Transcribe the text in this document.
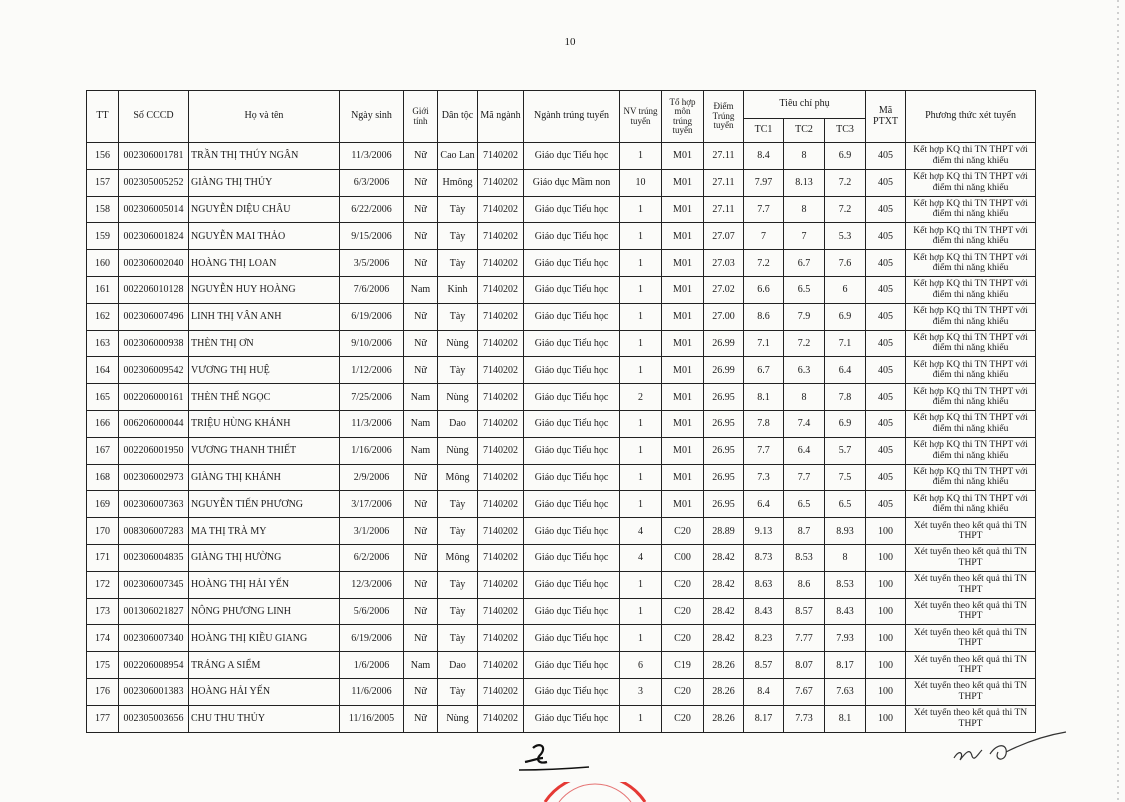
10
TT	Số CCCD	Họ và tên	Ngày sinh	Giới tính	Dân tộc	Mã ngành	Ngành trúng tuyển	NV trúng tuyển	Tổ hợp môn trúng tuyển	Điểm Trúng tuyển	Tiêu chí phụ			Mã PTXT	Phương thức xét tuyển
											TC1	TC2	TC3		
156	002306001781	TRẦN THỊ THÚY NGÂN	11/3/2006	Nữ	Cao Lan	7140202	Giáo dục Tiểu học	1	M01	27.11	8.4	8	6.9	405	Kết hợp KQ thi TN THPT với điểm thi năng khiếu
157	002305005252	GIÀNG THỊ THỦY	6/3/2006	Nữ	Hmông	7140202	Giáo dục Mầm non	10	M01	27.11	7.97	8.13	7.2	405	Kết hợp KQ thi TN THPT với điểm thi năng khiếu
158	002306005014	NGUYỄN DIỆU CHÂU	6/22/2006	Nữ	Tày	7140202	Giáo dục Tiểu học	1	M01	27.11	7.7	8	7.2	405	Kết hợp KQ thi TN THPT với điểm thi năng khiếu
159	002306001824	NGUYỄN MAI THẢO	9/15/2006	Nữ	Tày	7140202	Giáo dục Tiểu học	1	M01	27.07	7	7	5.3	405	Kết hợp KQ thi TN THPT với điểm thi năng khiếu
160	002306002040	HOÀNG THỊ LOAN	3/5/2006	Nữ	Tày	7140202	Giáo dục Tiểu học	1	M01	27.03	7.2	6.7	7.6	405	Kết hợp KQ thi TN THPT với điểm thi năng khiếu
161	002206010128	NGUYỄN HUY HOÀNG	7/6/2006	Nam	Kinh	7140202	Giáo dục Tiểu học	1	M01	27.02	6.6	6.5	6	405	Kết hợp KQ thi TN THPT với điểm thi năng khiếu
162	002306007496	LINH THỊ VÂN ANH	6/19/2006	Nữ	Tày	7140202	Giáo dục Tiểu học	1	M01	27.00	8.6	7.9	6.9	405	Kết hợp KQ thi TN THPT với điểm thi năng khiếu
163	002306000938	THÈN THỊ ƠN	9/10/2006	Nữ	Nùng	7140202	Giáo dục Tiểu học	1	M01	26.99	7.1	7.2	7.1	405	Kết hợp KQ thi TN THPT với điểm thi năng khiếu
164	002306009542	VƯƠNG THỊ HUỆ	1/12/2006	Nữ	Tày	7140202	Giáo dục Tiểu học	1	M01	26.99	6.7	6.3	6.4	405	Kết hợp KQ thi TN THPT với điểm thi năng khiếu
165	002206000161	THÈN THẾ NGỌC	7/25/2006	Nam	Nùng	7140202	Giáo dục Tiểu học	2	M01	26.95	8.1	8	7.8	405	Kết hợp KQ thi TN THPT với điểm thi năng khiếu
166	006206000044	TRIỆU HÙNG KHÁNH	11/3/2006	Nam	Dao	7140202	Giáo dục Tiểu học	1	M01	26.95	7.8	7.4	6.9	405	Kết hợp KQ thi TN THPT với điểm thi năng khiếu
167	002206001950	VƯƠNG THANH THIẾT	1/16/2006	Nam	Nùng	7140202	Giáo dục Tiểu học	1	M01	26.95	7.7	6.4	5.7	405	Kết hợp KQ thi TN THPT với điểm thi năng khiếu
168	002306002973	GIÀNG THỊ KHÁNH	2/9/2006	Nữ	Mông	7140202	Giáo dục Tiểu học	1	M01	26.95	7.3	7.7	7.5	405	Kết hợp KQ thi TN THPT với điểm thi năng khiếu
169	002306007363	NGUYỄN TIẾN PHƯƠNG	3/17/2006	Nữ	Tày	7140202	Giáo dục Tiểu học	1	M01	26.95	6.4	6.5	6.5	405	Kết hợp KQ thi TN THPT với điểm thi năng khiếu
170	008306007283	MA THỊ TRÀ MY	3/1/2006	Nữ	Tày	7140202	Giáo dục Tiểu học	4	C20	28.89	9.13	8.7	8.93	100	Xét tuyển theo kết quả thi TN THPT
171	002306004835	GIÀNG THỊ HƯỜNG	6/2/2006	Nữ	Mông	7140202	Giáo dục Tiểu học	4	C00	28.42	8.73	8.53	8	100	Xét tuyển theo kết quả thi TN THPT
172	002306007345	HOÀNG THỊ HẢI YẾN	12/3/2006	Nữ	Tày	7140202	Giáo dục Tiểu học	1	C20	28.42	8.63	8.6	8.53	100	Xét tuyển theo kết quả thi TN THPT
173	001306021827	NÔNG PHƯƠNG LINH	5/6/2006	Nữ	Tày	7140202	Giáo dục Tiểu học	1	C20	28.42	8.43	8.57	8.43	100	Xét tuyển theo kết quả thi TN THPT
174	002306007340	HOÀNG THỊ KIỀU GIANG	6/19/2006	Nữ	Tày	7140202	Giáo dục Tiểu học	1	C20	28.42	8.23	7.77	7.93	100	Xét tuyển theo kết quả thi TN THPT
175	002206008954	TRÁNG A SIỂM	1/6/2006	Nam	Dao	7140202	Giáo dục Tiểu học	6	C19	28.26	8.57	8.07	8.17	100	Xét tuyển theo kết quả thi TN THPT
176	002306001383	HOÀNG HẢI YẾN	11/6/2006	Nữ	Tày	7140202	Giáo dục Tiểu học	3	C20	28.26	8.4	7.67	7.63	100	Xét tuyển theo kết quả thi TN THPT
177	002305003656	CHU THU THỦY	11/16/2005	Nữ	Nùng	7140202	Giáo dục Tiểu học	1	C20	28.26	8.17	7.73	8.1	100	Xét tuyển theo kết quả thi TN THPT
